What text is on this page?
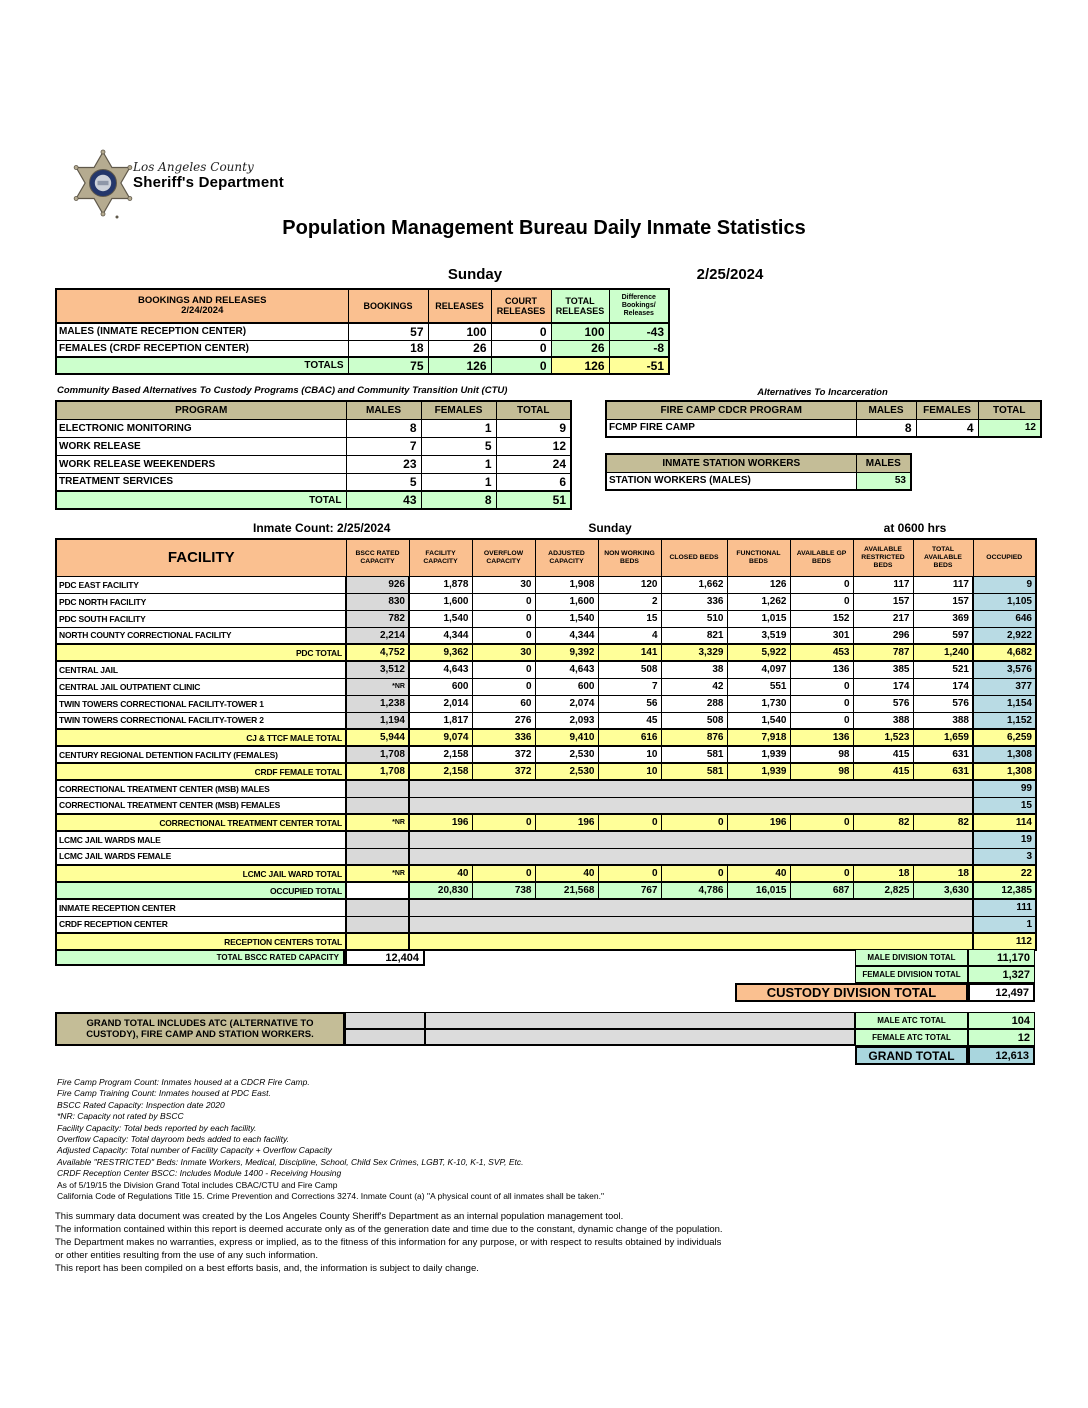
Los Angeles County
Sheriff's Department
Population Management Bureau Daily Inmate Statistics
Sunday	2/25/2024
BOOKINGS AND RELEASES
2/24/2024	BOOKINGS	RELEASES	COURT RELEASES	TOTAL RELEASES	Difference Bookings/ Releases
MALES (INMATE RECEPTION CENTER)	57	100	0	100	-43
FEMALES (CRDF RECEPTION CENTER)	18	26	0	26	-8
TOTALS	75	126	0	126	-51
Community Based Alternatives To Custody Programs (CBAC) and Community Transition Unit (CTU)
PROGRAM	MALES	FEMALES	TOTAL
ELECTRONIC MONITORING	8	1	9
WORK RELEASE	7	5	12
WORK RELEASE WEEKENDERS	23	1	24
TREATMENT SERVICES	5	1	6
TOTAL	43	8	51
Alternatives To Incarceration
FIRE CAMP CDCR PROGRAM	MALES	FEMALES	TOTAL
FCMP FIRE CAMP	8	4	12
INMATE STATION WORKERS	MALES
STATION WORKERS (MALES)	53
Inmate Count: 2/25/2024	Sunday	at 0600 hrs
FACILITY	BSCC RATED CAPACITY	FACILITY CAPACITY	OVERFLOW CAPACITY	ADJUSTED CAPACITY	NON WORKING BEDS	CLOSED BEDS	FUNCTIONAL BEDS	AVAILABLE GP BEDS	AVAILABLE RESTRICTED BEDS	TOTAL AVAILABLE BEDS	OCCUPIED
PDC EAST FACILITY	926	1,878	30	1,908	120	1,662	126	0	117	117	9
PDC NORTH FACILITY	830	1,600	0	1,600	2	336	1,262	0	157	157	1,105
PDC SOUTH FACILITY	782	1,540	0	1,540	15	510	1,015	152	217	369	646
NORTH COUNTY CORRECTIONAL FACILITY	2,214	4,344	0	4,344	4	821	3,519	301	296	597	2,922
PDC TOTAL	4,752	9,362	30	9,392	141	3,329	5,922	453	787	1,240	4,682
CENTRAL JAIL	3,512	4,643	0	4,643	508	38	4,097	136	385	521	3,576
CENTRAL JAIL OUTPATIENT CLINIC	*NR	600	0	600	7	42	551	0	174	174	377
TWIN TOWERS CORRECTIONAL FACILITY-TOWER 1	1,238	2,014	60	2,074	56	288	1,730	0	576	576	1,154
TWIN TOWERS CORRECTIONAL FACILITY-TOWER 2	1,194	1,817	276	2,093	45	508	1,540	0	388	388	1,152
CJ & TTCF MALE TOTAL	5,944	9,074	336	9,410	616	876	7,918	136	1,523	1,659	6,259
CENTURY REGIONAL DETENTION FACILITY (FEMALES)	1,708	2,158	372	2,530	10	581	1,939	98	415	631	1,308
CRDF FEMALE TOTAL	1,708	2,158	372	2,530	10	581	1,939	98	415	631	1,308
CORRECTIONAL TREATMENT CENTER (MSB) MALES											99
CORRECTIONAL TREATMENT CENTER (MSB) FEMALES											15
CORRECTIONAL TREATMENT CENTER TOTAL	*NR	196	0	196	0	0	196	0	82	82	114
LCMC JAIL WARDS MALE											19
LCMC JAIL WARDS FEMALE											3
LCMC JAIL WARD TOTAL	*NR	40	0	40	0	0	40	0	18	18	22
OCCUPIED TOTAL		20,830	738	21,568	767	4,786	16,015	687	2,825	3,630	12,385
INMATE RECEPTION CENTER											111
CRDF RECEPTION CENTER											1
RECEPTION CENTERS TOTAL											112
TOTAL BSCC RATED CAPACITY	12,404	MALE DIVISION TOTAL	11,170
FEMALE DIVISION TOTAL	1,327
CUSTODY DIVISION TOTAL	12,497
GRAND TOTAL INCLUDES ATC (ALTERNATIVE TO
CUSTODY), FIRE CAMP AND STATION WORKERS.
MALE ATC TOTAL	104
FEMALE ATC TOTAL	12
GRAND TOTAL	12,613
Fire Camp Program Count: Inmates housed at a CDCR Fire Camp.
Fire Camp Training Count: Inmates housed at PDC East.
BSCC Rated Capacity: Inspection date 2020
*NR: Capacity not rated by BSCC
Facility Capacity: Total beds reported by each facility.
Overflow Capacity: Total dayroom beds added to each facility.
Adjusted Capacity: Total number of Facility Capacity + Overflow Capacity
Available "RESTRICTED" Beds: Inmate Workers, Medical, Discipline, School, Child Sex Crimes, LGBT, K-10, K-1, SVP, Etc.
CRDF Reception Center BSCC: Includes Module 1400 - Receiving Housing
As of 5/19/15 the Division Grand Total includes CBAC/CTU and Fire Camp
California Code of Regulations Title 15. Crime Prevention and Corrections 3274. Inmate Count (a) "A physical count of all inmates shall be taken."
This summary data document was created by the Los Angeles County Sheriff's Department as an internal population management tool.
The information contained within this report is deemed accurate only as of the generation date and time due to the constant, dynamic change of the population.
The Department makes no warranties, express or implied, as to the fitness of this information for any purpose, or with respect to results obtained by individuals
or other entities resulting from the use of any such information.
This report has been compiled on a best efforts basis, and, the information is subject to daily change.
